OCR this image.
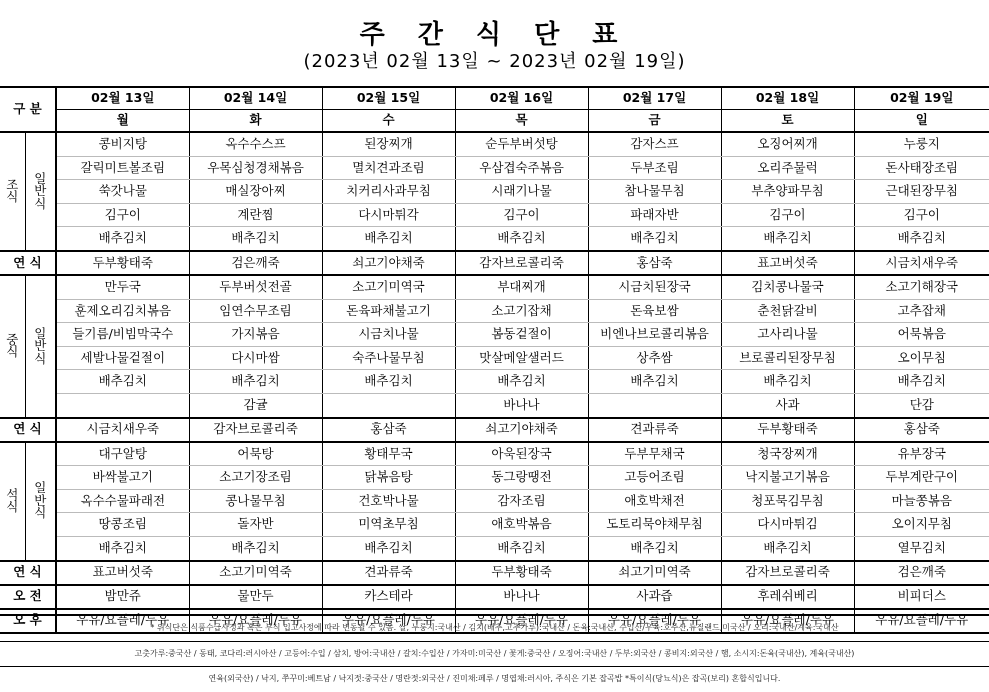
주 간 식 단 표
(2023년 02월 13일 ~ 2023년 02월 19일)
구 분		02월 13일	02월 14일	02월 15일	02월 16일	02월 17일	02월 18일	02월 19일
		월	화	수	목	금	토	일

조
식	일
반
식	콩비지탕	옥수수스프	된장찌개	순두부버섯탕	감자스프	오징어찌개	누룽지
		갈릭미트볼조림	우목심청경채볶음	멸치견과조림	우삼겹숙주볶음	두부조림	오리주물럭	돈사태장조림
		쑥갓나물	매실장아찌	치커리사과무침	시래기나물	참나물무침	부추양파무침	근대된장무침
		김구이	계란찜	다시마튀각	김구이	파래자반	김구이	김구이
		배추김치	배추김치	배추김치	배추김치	배추김치	배추김치	배추김치
연 식		두부황태죽	검은깨죽	쇠고기야채죽	감자브로콜리죽	홍삼죽	표고버섯죽	시금치새우죽

중
식	일
반
식	만두국	두부버섯전골	소고기미역국	부대찌개	시금치된장국	김치콩나물국	소고기해장국
		훈제오리김치볶음	임연수무조림	돈육파채불고기	소고기잡채	돈육보쌈	춘천닭갈비	고추잡채
		들기름/비빔막국수	가지볶음	시금치나물	봄동겉절이	비엔나브로콜리볶음	고사리나물	어묵볶음
		세발나물겉절이	다시마쌈	숙주나물무침	맛살메알샐러드	상추쌈	브로콜리된장무침	오이무침
		배추김치	배추김치	배추김치	배추김치	배추김치	배추김치	배추김치
			감귤		바나나		사과	단감
연 식		시금치새우죽	감자브로콜리죽	홍삼죽	쇠고기야채죽	견과류죽	두부황태죽	홍삼죽

석
식	일
반
식	대구알탕	어묵탕	황태무국	아욱된장국	두부무채국	청국장찌개	유부장국
		바싹불고기	소고기장조림	닭볶음탕	동그랑땡전	고등어조림	낙지불고기볶음	두부계란구이
		옥수수물파래전	콩나물무침	건호박나물	감자조림	애호박채전	청포묵김무침	마늘쫑볶음
		땅콩조림	돌자반	미역초무침	애호박볶음	도토리묵야채무침	다시마튀김	오이지무침
		배추김치	배추김치	배추김치	배추김치	배추김치	배추김치	열무김치
연 식		표고버섯죽	소고기미역죽	견과류죽	두부황태죽	쇠고기미역죽	감자브로콜리죽	검은깨죽
오 전		밤만쥬	물만두	카스테라	바나나	사과즙	후레쉬베리	비피더스
오 후		우유/요플레/두유	우유/요플레/두유	우유/요플레/두유	우유/요플레/두유	우유/요플레/두유	우유/요플레/두유	우유/요플레/두유
* 위식단은 식품수급사정과 혹은 부식 입고사정에 따라 변동될 수 있음. 쌀, 누룽지:국내산 / 김치(배추,고추가루):국내산 / 돈육:국내산, 수입산/우육:호주산,뉴질랜드,미국산 / 오리:국내산/계육:국내산
고춧가루:중국산 / 동태, 코다리:러시아산 / 고등어:수입 / 삼치, 방어:국내산 / 갈치:수입산 / 가자미:미국산 / 꽃게:중국산 / 오징어:국내산 / 두부:외국산 / 콩비지:외국산 / 햄, 소시지:돈육(국내산), 계육(국내산)
연육(외국산) / 낙지, 쭈꾸미:베트남 / 낙지젓:중국산 / 명란젓:외국산 / 진미채:페루 / 명엽채:러시아, 주식은 기본 잡곡밥 *특이식(당뇨식)은 잡곡(보리) 혼합식입니다.
